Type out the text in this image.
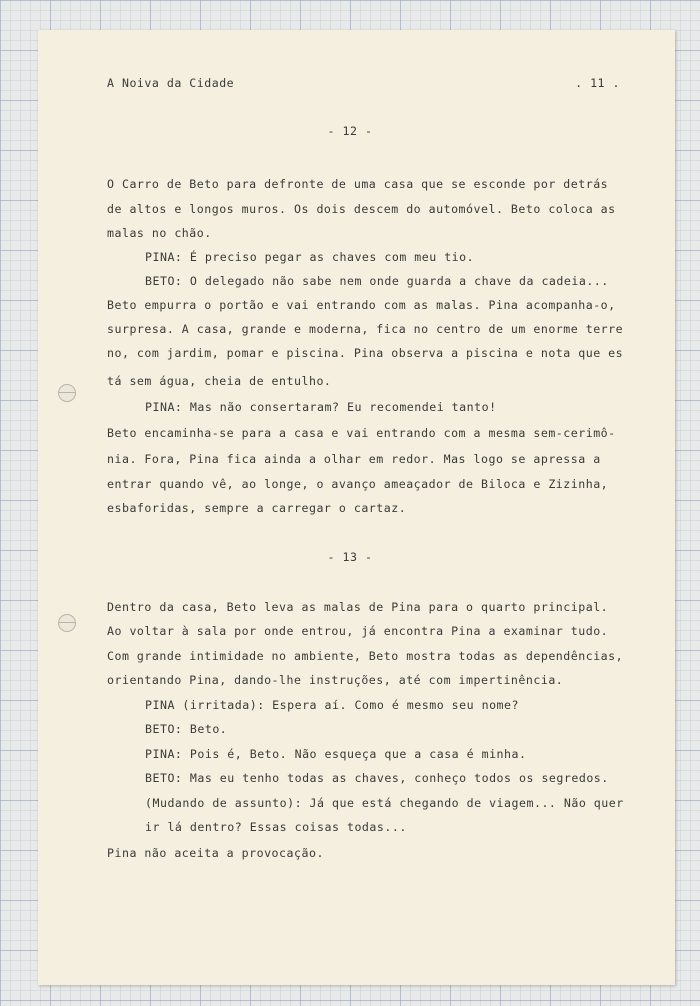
A Noiva da Cidade	. 11 .
- 12 -
O Carro de Beto para defronte de uma casa que se esconde por detrás
de altos e longos muros. Os dois descem do automóvel. Beto coloca as
malas no chão.
PINA: É preciso pegar as chaves com meu tio.
BETO: O delegado não sabe nem onde guarda a chave da cadeia...
Beto empurra o portão e vai entrando com as malas. Pina acompanha-o,
surpresa. A casa, grande e moderna, fica no centro de um enorme terre
no, com jardim, pomar e piscina. Pina observa a piscina e nota que es
tá sem água, cheia de entulho.
PINA: Mas não consertaram? Eu recomendei tanto!
Beto encaminha-se para a casa e vai entrando com a mesma sem-cerimô-
nia. Fora, Pina fica ainda a olhar em redor. Mas logo se apressa a
entrar quando vê, ao longe, o avanço ameaçador de Biloca e Zizinha,
esbaforidas, sempre a carregar o cartaz.
- 13 -
Dentro da casa, Beto leva as malas de Pina para o quarto principal.
Ao voltar à sala por onde entrou, já encontra Pina a examinar tudo.
Com grande intimidade no ambiente, Beto mostra todas as dependências,
orientando Pina, dando-lhe instruções, até com impertinência.
PINA (irritada): Espera aí. Como é mesmo seu nome?
BETO: Beto.
PINA: Pois é, Beto. Não esqueça que a casa é minha.
BETO: Mas eu tenho todas as chaves, conheço todos os segredos.
(Mudando de assunto): Já que está chegando de viagem... Não quer
ir lá dentro? Essas coisas todas...
Pina não aceita a provocação.
